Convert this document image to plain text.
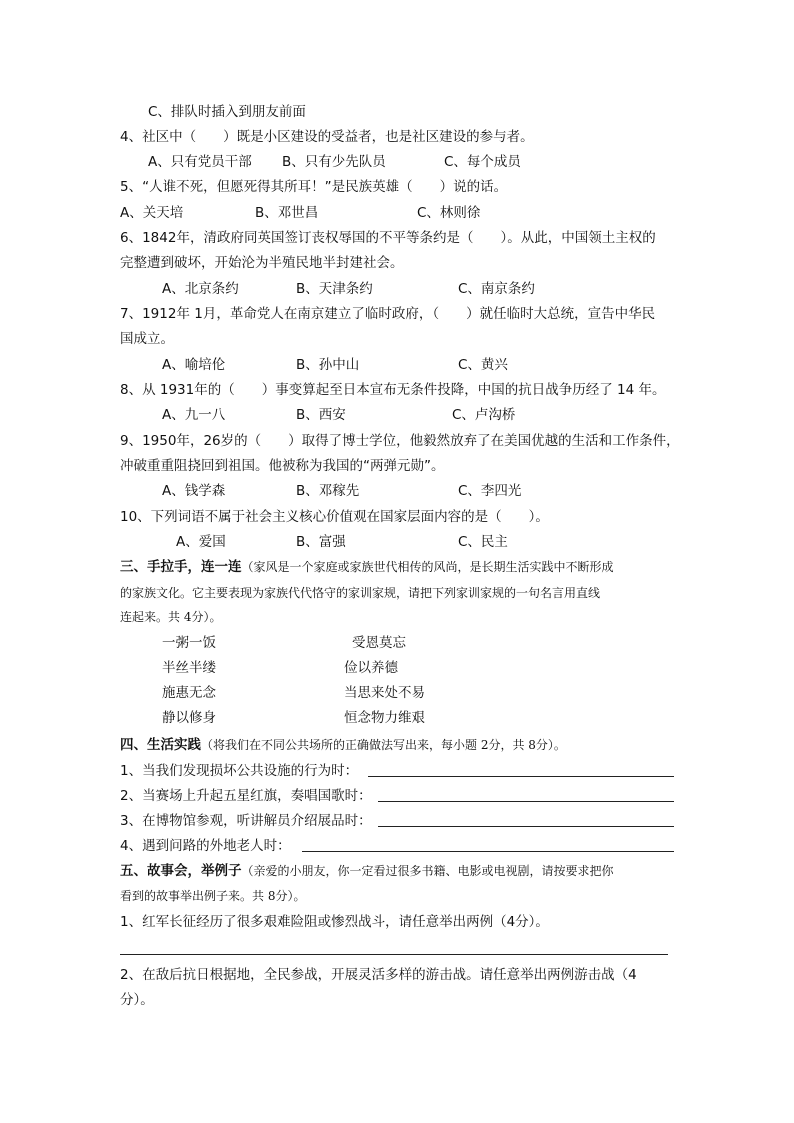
C、排队时插入到朋友前面
4、社区中（　　）既是小区建设的受益者，也是社区建设的参与者。
A、只有党员干部 B、只有少先队员	C、每个成员
5、“人谁不死，但愿死得其所耳！”是民族英雄（　　）说的话。
A、关天培	B、邓世昌	C、林则徐
6、1842年，清政府同英国签订丧权辱国的不平等条约是（　　）。从此，中国领土主权的
完整遭到破坏，开始沦为半殖民地半封建社会。
A、北京条约	B、天津条约	C、南京条约
7、1912年 1月，革命党人在南京建立了临时政府，（　　）就任临时大总统，宣告中华民
国成立。
A、喻培伦	B、孙中山	C、黄兴
8、从 1931年的（　　）事变算起至日本宣布无条件投降，中国的抗日战争历经了 14 年。
A、九一八	B、西安	C、卢沟桥
9、1950年，26岁的（　　）取得了博士学位，他毅然放弃了在美国优越的生活和工作条件，
冲破重重阻挠回到祖国。他被称为我国的“两弹元勋”。
A、钱学森	B、邓稼先	C、李四光
10、下列词语不属于社会主义核心价值观在国家层面内容的是（　　）。
A、爱国	B、富强	C、民主
三、手拉手，连一连（家风是一个家庭或家族世代相传的风尚，是长期生活实践中不断形成
的家族文化。它主要表现为家族代代恪守的家训家规，请把下列家训家规的一句名言用直线
连起来。共 4分）。
一粥一饭	受恩莫忘
半丝半缕	俭以养德
施惠无念	当思来处不易
静以修身	恒念物力维艰
四、生活实践（将我们在不同公共场所的正确做法写出来，每小题 2分，共 8分）。
1、当我们发现损坏公共设施的行为时：
2、当赛场上升起五星红旗，奏唱国歌时：
3、在博物馆参观，听讲解员介绍展品时：
4、遇到问路的外地老人时：
五、故事会，举例子（亲爱的小朋友，你一定看过很多书籍、电影或电视剧，请按要求把你
看到的故事举出例子来。共 8分）。
1、红军长征经历了很多艰难险阻或惨烈战斗，请任意举出两例（4分）。
2、在敌后抗日根据地，全民参战，开展灵活多样的游击战。请任意举出两例游击战（4
分）。
